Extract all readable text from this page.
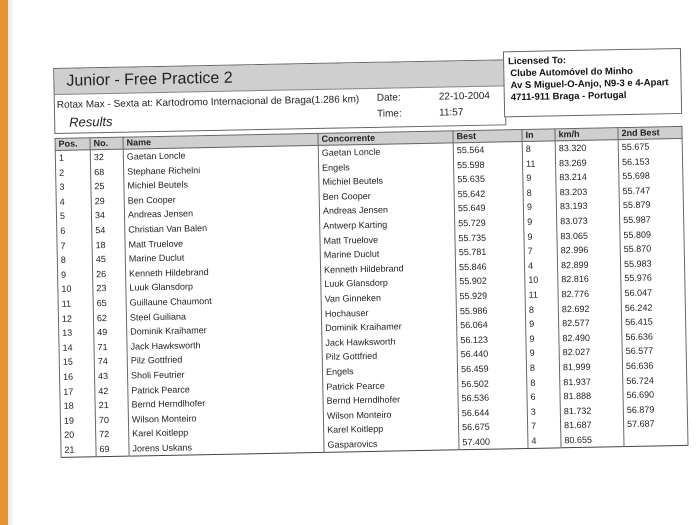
Junior - Free Practice 2
Rotax Max - Sexta at: Kartodromo Internacional de Braga(1.286 km)
Results
Date:	22-10-2004
Time:	11:57
Licensed To:
Clube Automóvel do Minho
Av S Miguel-O-Anjo, N9-3 e 4-Apart
4711-911 Braga - Portugal
Pos.	No.	Name	Concorrente	Best	In	km/h	2nd Best
1	32	Gaetan Loncle	Gaetan Loncle	55.564	8	83.320	55.675
2	68	Stephane Richelni	Engels	55.598	11	83.269	56.153
3	25	Michiel Beutels	Michiel Beutels	55.635	9	83.214	55.698
4	29	Ben Cooper	Ben Cooper	55.642	8	83.203	55.747
5	34	Andreas Jensen	Andreas Jensen	55.649	9	83.193	55.879
6	54	Christian Van Balen	Antwerp Karting	55.729	9	83.073	55.987
7	18	Matt Truelove	Matt Truelove	55.735	9	83.065	55.809
8	45	Marine Duclut	Marine Duclut	55.781	7	82.996	55.870
9	26	Kenneth Hildebrand	Kenneth Hildebrand	55.846	4	82.899	55.983
10	23	Luuk Glansdorp	Luuk Glansdorp	55.902	10	82.816	55.976
11	65	Guillaune Chaumont	Van Ginneken	55.929	11	82.776	56.047
12	62	Steel Guiliana	Hochauser	55.986	8	82.692	56.242
13	49	Dominik Kraihamer	Dominik Kraihamer	56.064	9	82.577	56.415
14	71	Jack Hawksworth	Jack Hawksworth	56.123	9	82.490	56.636
15	74	Pilz Gottfried	Pilz Gottfried	56.440	9	82.027	56.577
16	43	Sholi Feutrier	Engels	56.459	8	81.999	56.636
17	42	Patrick Pearce	Patrick Pearce	56.502	8	81.937	56.724
18	21	Bernd Herndlhofer	Bernd Herndlhofer	56.536	6	81.888	56.690
19	70	Wilson Monteiro	Wilson Monteiro	56.644	3	81.732	56.879
20	72	Karel Koitlepp	Karel Koitlepp	56.675	7	81.687	57.687
21	69	Jorens Uskans	Gasparovics	57.400	4	80.655	
